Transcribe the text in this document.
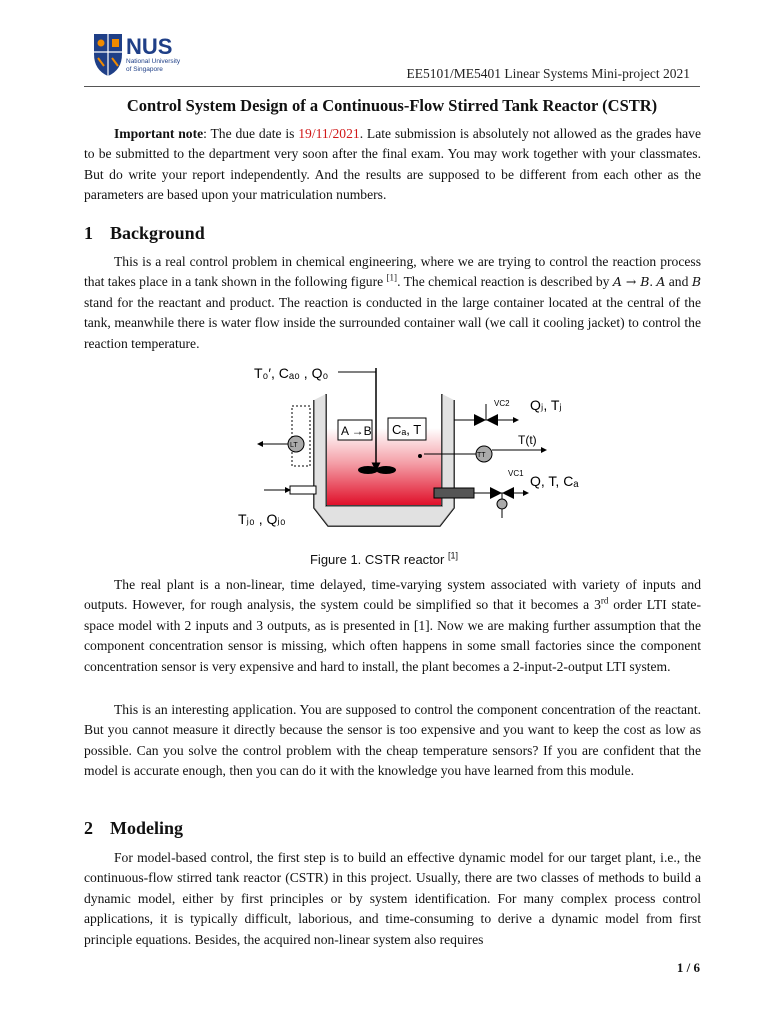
NUS
National University
of Singapore	EE5101/ME5401 Linear Systems Mini-project 2021
Control System Design of a Continuous-Flow Stirred Tank Reactor (CSTR)

Important note: The due date is 19/11/2021. Late submission is absolutely not allowed as the grades have to be submitted to the department very soon after the final exam. You may work together with your classmates. But do write your report independently. And the results are supposed to be different from each other as the parameters are based upon your matriculation numbers.

1 Background

This is a real control problem in chemical engineering, where we are trying to control the reaction process that takes place in a tank shown in the following figure [1]. The chemical reaction is described by A → B. A and B stand for the reactant and product. The reaction is conducted in the large container located at the central of the tank, meanwhile there is water flow inside the surrounded container wall (we call it cooling jacket) to control the reaction temperature.

A →B Cₐ, T
T₀′, Cₐ₀ , Q₀
LT
Tⱼ₀ , Qⱼ₀
VC2 Qⱼ, Tⱼ
TT
T(t)
VC1 Q, T, Cₐ
Figure 1. CSTR reactor [1]

The real plant is a non-linear, time delayed, time-varying system associated with variety of inputs and outputs. However, for rough analysis, the system could be simplified so that it becomes a 3rd order LTI state-space model with 2 inputs and 3 outputs, as is presented in [1]. Now we are making further assumption that the component concentration sensor is missing, which often happens in some small factories since the component concentration sensor is very expensive and hard to install, the plant becomes a 2-input-2-output LTI system.

This is an interesting application. You are supposed to control the component concentration of the reactant. But you cannot measure it directly because the sensor is too expensive and you want to keep the cost as low as possible. Can you solve the control problem with the cheap temperature sensors? If you are confident that the model is accurate enough, then you can do it with the knowledge you have learned from this module.

2 Modeling

For model-based control, the first step is to build an effective dynamic model for our target plant, i.e., the continuous-flow stirred tank reactor (CSTR) in this project. Usually, there are two classes of methods to build a dynamic model, either by first principles or by system identification. For many complex process control applications, it is typically difficult, laborious, and time-consuming to derive a dynamic model from first principle equations. Besides, the acquired non-linear system also requires

1 / 6
